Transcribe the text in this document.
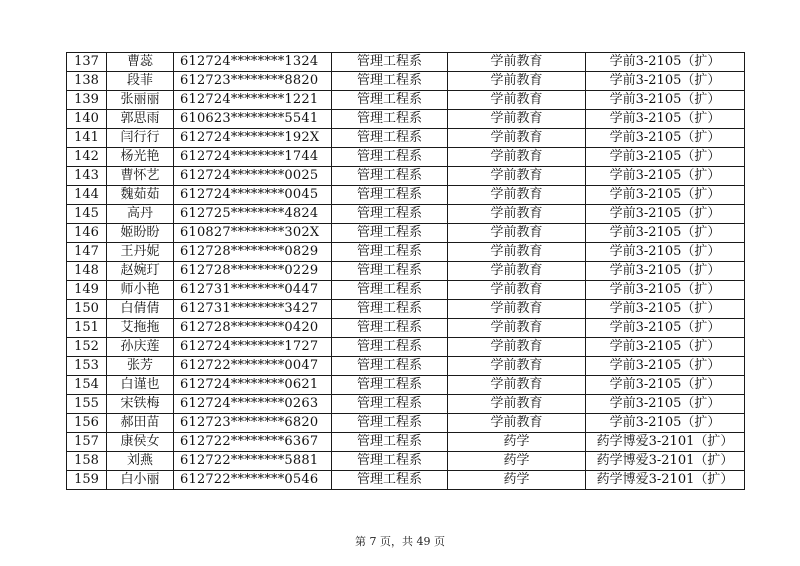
137	曹蕊	612724********1324	管理工程系	学前教育	学前3-2105（扩）
138	段菲	612723********8820	管理工程系	学前教育	学前3-2105（扩）
139	张丽丽	612724********1221	管理工程系	学前教育	学前3-2105（扩）
140	郭思雨	610623********5541	管理工程系	学前教育	学前3-2105（扩）
141	闫行行	612724********192X	管理工程系	学前教育	学前3-2105（扩）
142	杨光艳	612724********1744	管理工程系	学前教育	学前3-2105（扩）
143	曹怀艺	612724********0025	管理工程系	学前教育	学前3-2105（扩）
144	魏茹茹	612724********0045	管理工程系	学前教育	学前3-2105（扩）
145	高丹	612725********4824	管理工程系	学前教育	学前3-2105（扩）
146	姬盼盼	610827********302X	管理工程系	学前教育	学前3-2105（扩）
147	王丹妮	612728********0829	管理工程系	学前教育	学前3-2105（扩）
148	赵婉玎	612728********0229	管理工程系	学前教育	学前3-2105（扩）
149	师小艳	612731********0447	管理工程系	学前教育	学前3-2105（扩）
150	白倩倩	612731********3427	管理工程系	学前教育	学前3-2105（扩）
151	艾拖拖	612728********0420	管理工程系	学前教育	学前3-2105（扩）
152	孙庆莲	612724********1727	管理工程系	学前教育	学前3-2105（扩）
153	张芳	612722********0047	管理工程系	学前教育	学前3-2105（扩）
154	白谨也	612724********0621	管理工程系	学前教育	学前3-2105（扩）
155	宋铁梅	612724********0263	管理工程系	学前教育	学前3-2105（扩）
156	郝田苗	612723********6820	管理工程系	学前教育	学前3-2105（扩）
157	康侯女	612722********6367	管理工程系	药学	药学博爱3-2101（扩）
158	刘燕	612722********5881	管理工程系	药学	药学博爱3-2101（扩）
159	白小丽	612722********0546	管理工程系	药学	药学博爱3-2101（扩）
第 7 页，共 49 页
